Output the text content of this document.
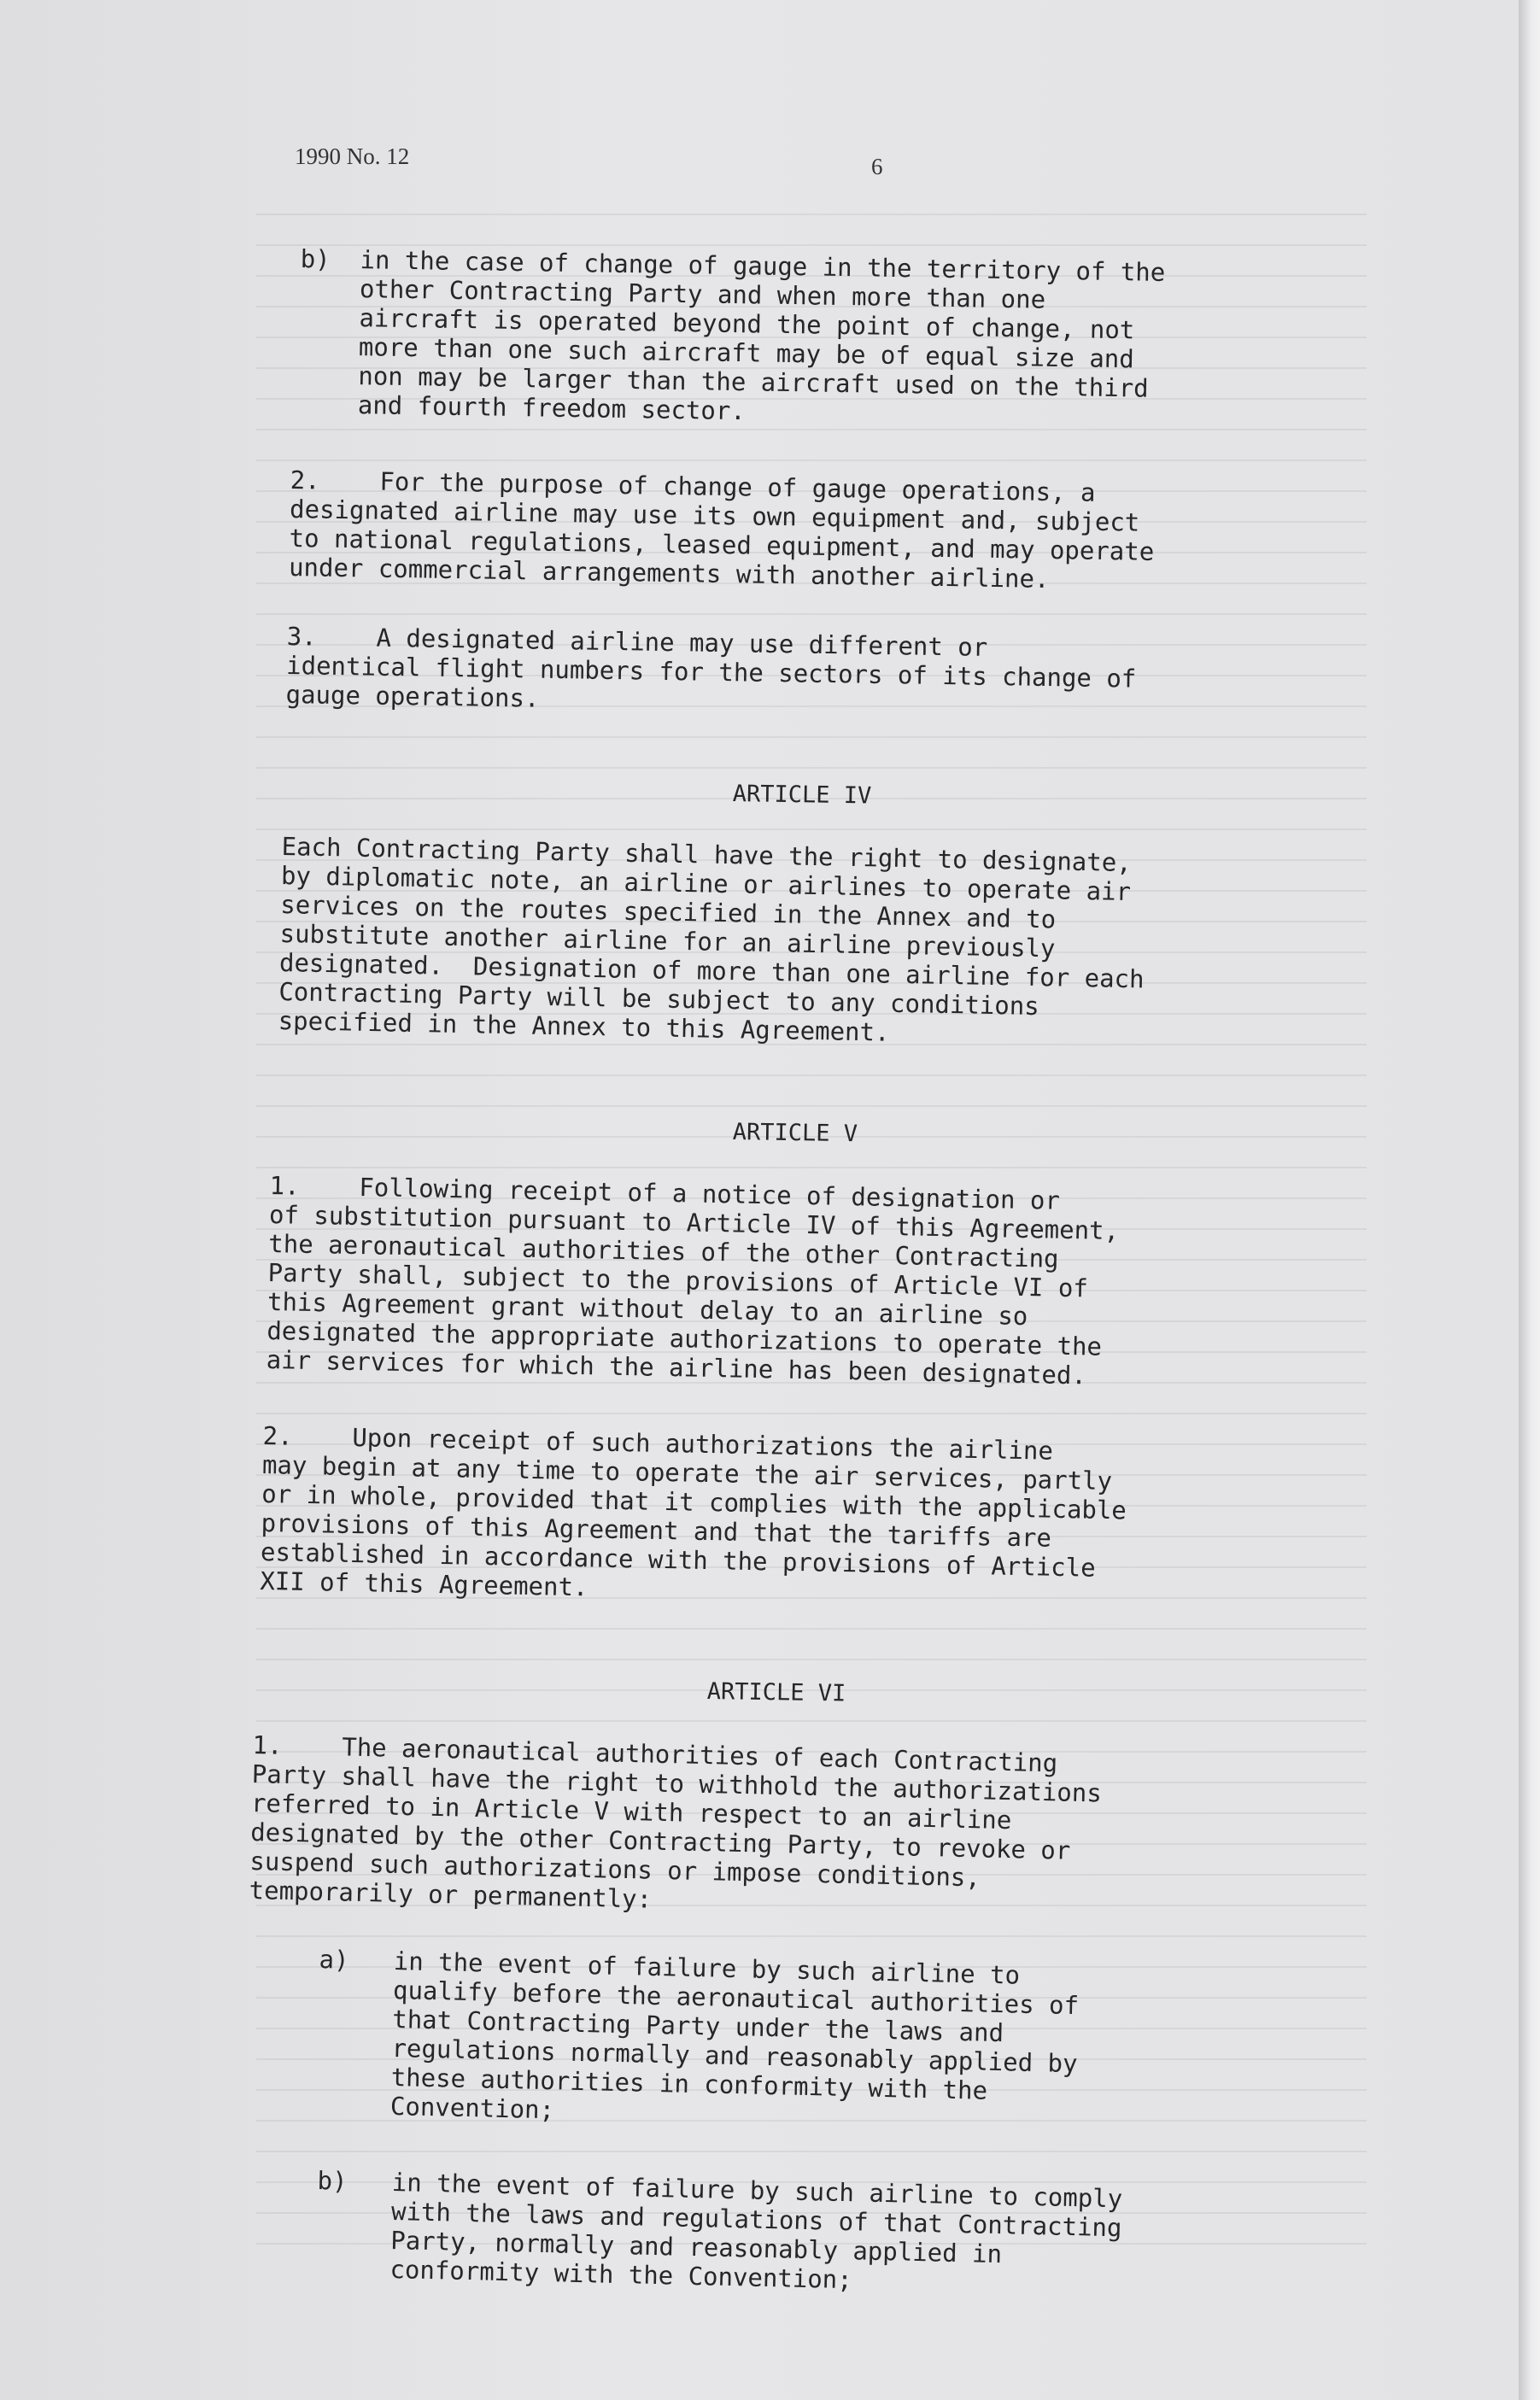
1990 No. 12	6
b)  in the case of change of gauge in the territory of the
other Contracting Party and when more than one
aircraft is operated beyond the point of change, not
more than one such aircraft may be of equal size and
non may be larger than the aircraft used on the third
and fourth freedom sector.
2.    For the purpose of change of gauge operations, a
designated airline may use its own equipment and, subject
to national regulations, leased equipment, and may operate
under commercial arrangements with another airline.
3.    A designated airline may use different or
identical flight numbers for the sectors of its change of
gauge operations.
ARTICLE IV
Each Contracting Party shall have the right to designate,
by diplomatic note, an airline or airlines to operate air
services on the routes specified in the Annex and to
substitute another airline for an airline previously
designated.  Designation of more than one airline for each
Contracting Party will be subject to any conditions
specified in the Annex to this Agreement.
ARTICLE V
1.    Following receipt of a notice of designation or
of substitution pursuant to Article IV of this Agreement,
the aeronautical authorities of the other Contracting
Party shall, subject to the provisions of Article VI of
this Agreement grant without delay to an airline so
designated the appropriate authorizations to operate the
air services for which the airline has been designated.
2.    Upon receipt of such authorizations the airline
may begin at any time to operate the air services, partly
or in whole, provided that it complies with the applicable
provisions of this Agreement and that the tariffs are
established in accordance with the provisions of Article
XII of this Agreement.
ARTICLE VI
1.    The aeronautical authorities of each Contracting
Party shall have the right to withhold the authorizations
referred to in Article V with respect to an airline
designated by the other Contracting Party, to revoke or
suspend such authorizations or impose conditions,
temporarily or permanently:
a)   in the event of failure by such airline to
qualify before the aeronautical authorities of
that Contracting Party under the laws and
regulations normally and reasonably applied by
these authorities in conformity with the
Convention;
b)   in the event of failure by such airline to comply
with the laws and regulations of that Contracting
Party, normally and reasonably applied in
conformity with the Convention;
